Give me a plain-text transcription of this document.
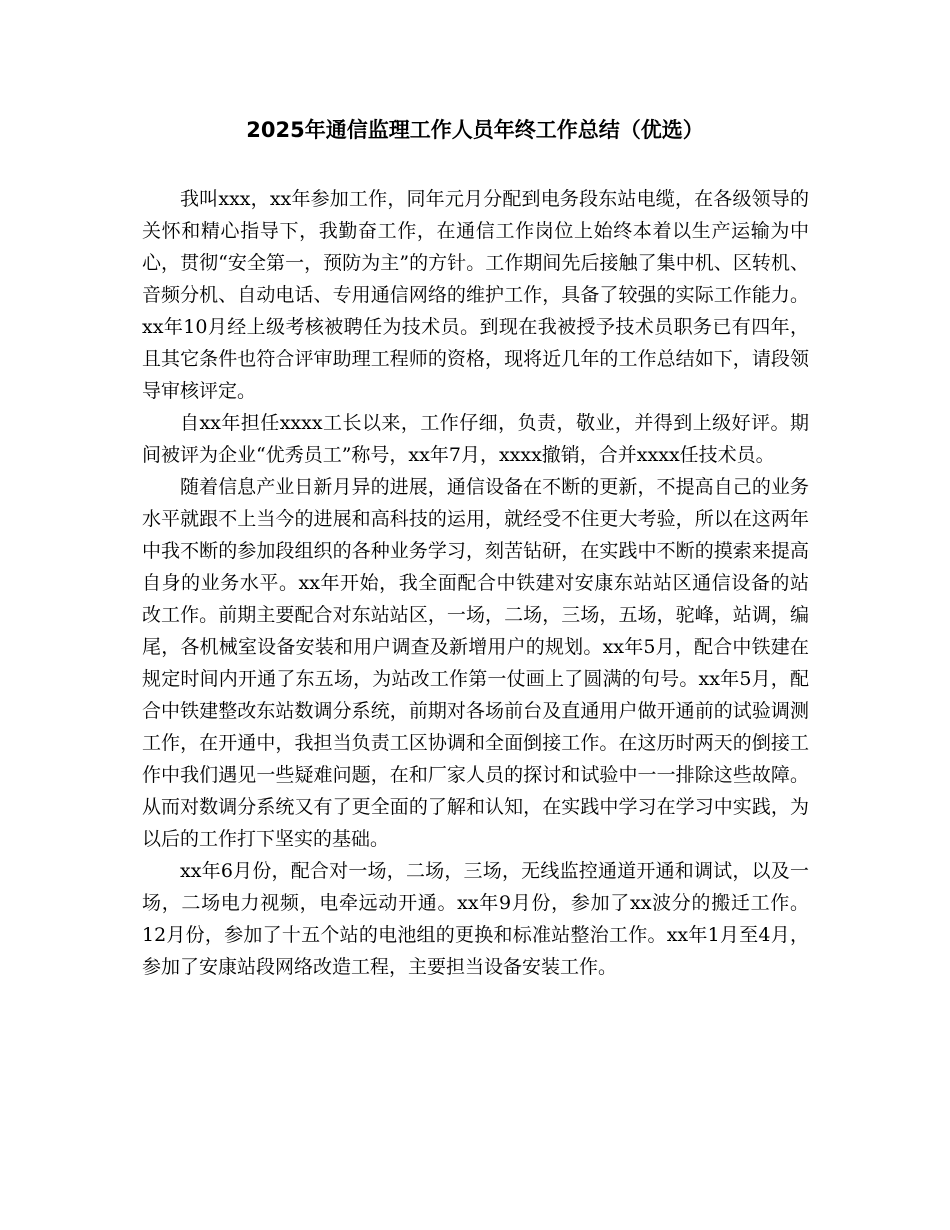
2025年通信监理工作人员年终工作总结（优选）

我叫xxx，xx年参加工作，同年元月分配到电务段东站电缆，在各级领导的关怀和精心指导下，我勤奋工作，在通信工作岗位上始终本着以生产运输为中心，贯彻“安全第一，预防为主”的方针。工作期间先后接触了集中机、区转机、音频分机、自动电话、专用通信网络的维护工作，具备了较强的实际工作能力。xx年10月经上级考核被聘任为技术员。到现在我被授予技术员职务已有四年，且其它条件也符合评审助理工程师的资格，现将近几年的工作总结如下，请段领导审核评定。

自xx年担任xxxx工长以来，工作仔细，负责，敬业，并得到上级好评。期间被评为企业“优秀员工”称号，xx年7月，xxxx撤销，合并xxxx任技术员。

随着信息产业日新月异的进展，通信设备在不断的更新，不提高自己的业务水平就跟不上当今的进展和高科技的运用，就经受不住更大考验，所以在这两年中我不断的参加段组织的各种业务学习，刻苦钻研，在实践中不断的摸索来提高自身的业务水平。xx年开始，我全面配合中铁建对安康东站站区通信设备的站改工作。前期主要配合对东站站区，一场，二场，三场，五场，驼峰，站调，编尾，各机械室设备安装和用户调查及新增用户的规划。xx年5月，配合中铁建在规定时间内开通了东五场，为站改工作第一仗画上了圆满的句号。xx年5月，配合中铁建整改东站数调分系统，前期对各场前台及直通用户做开通前的试验调测工作，在开通中，我担当负责工区协调和全面倒接工作。在这历时两天的倒接工作中我们遇见一些疑难问题，在和厂家人员的探讨和试验中一一排除这些故障。从而对数调分系统又有了更全面的了解和认知，在实践中学习在学习中实践，为以后的工作打下坚实的基础。

xx年6月份，配合对一场，二场，三场，无线监控通道开通和调试，以及一场，二场电力视频，电牵远动开通。xx年9月份，参加了xx波分的搬迁工作。12月份，参加了十五个站的电池组的更换和标准站整治工作。xx年1月至4月，参加了安康站段网络改造工程，主要担当设备安装工作。
